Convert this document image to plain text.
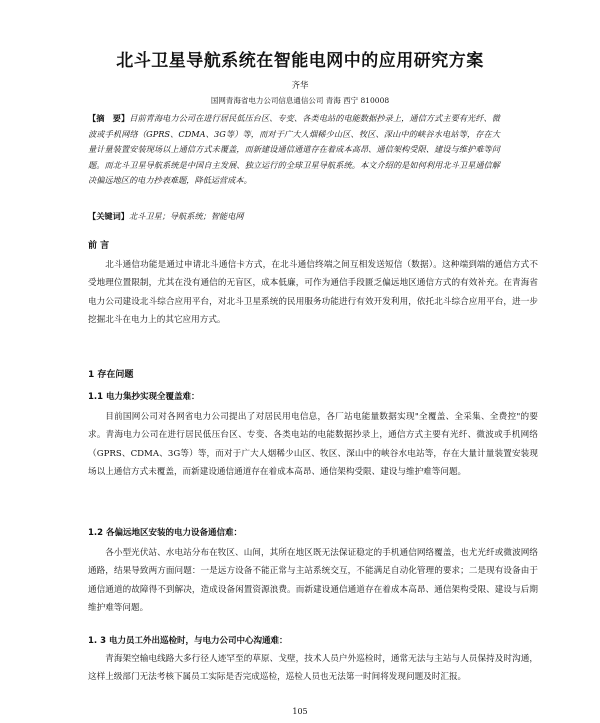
北斗卫星导航系统在智能电网中的应用研究方案
齐华
国网青海省电力公司信息通信公司 青海 西宁 810008
【摘　要】目前青海电力公司在进行居民低压台区、专变、各类电站的电能数据抄录上，通信方式主要有光纤、微波或手机网络（GPRS、CDMA、3G等）等，而对于广大人烟稀少山区、牧区、深山中的峡谷水电站等，存在大量计量装置安装现场以上通信方式未覆盖，而新建设通信通道存在着成本高昂、通信架构受限、建设与维护难等问题。而北斗卫星导航系统是中国自主发展、独立运行的全球卫星导航系统。本文介绍的是如何利用北斗卫星通信解决偏远地区的电力抄表难题，降低运营成本。
【关键词】北斗卫星；导航系统；智能电网
前 言
北斗通信功能是通过申请北斗通信卡方式，在北斗通信终端之间互相发送短信（数据）。这种端到端的通信方式不受地理位置限制，尤其在没有通信的无盲区，成本低廉，可作为通信手段匮乏偏远地区通信方式的有效补充。在青海省电力公司建设北斗综合应用平台，对北斗卫星系统的民用服务功能进行有效开发利用，依托北斗综合应用平台，进一步挖掘北斗在电力上的其它应用方式。
1 存在问题
1.1 电力集抄实现全覆盖难：
目前国网公司对各网省电力公司提出了对居民用电信息，各厂站电能量数据实现"全覆盖、全采集、全费控"的要求。青海电力公司在进行居民低压台区、专变、各类电站的电能数据抄录上，通信方式主要有光纤、微波或手机网络（GPRS、CDMA、3G等）等，而对于广大人烟稀少山区、牧区、深山中的峡谷水电站等，存在大量计量装置安装现场以上通信方式未覆盖，而新建设通信通道存在着成本高昂、通信架构受限、建设与维护难等问题。
1.2 各偏远地区安装的电力设备通信难：
各小型光伏站、水电站分布在牧区、山间，其所在地区既无法保证稳定的手机通信网络覆盖，也尤光纤或微波网络通路，结果导致两方面问题：一是远方设备不能正常与主站系统交互，不能满足自动化管理的要求；二是现有设备由于通信通道的故障得不到解决，造成设备闲置资源浪费。而新建设通信通道存在着成本高昂、通信架构受限、建设与后期维护难等问题。
1. 3 电力员工外出巡检时，与电力公司中心沟通难：
青海架空输电线路大多行径人迹罕至的草原、戈壁，技术人员户外巡检时，通常无法与主站与人员保持及时沟通，这样上级部门无法考核下属员工实际是否完成巡检，巡检人员也无法第一时间将发现问题及时汇报。
105
